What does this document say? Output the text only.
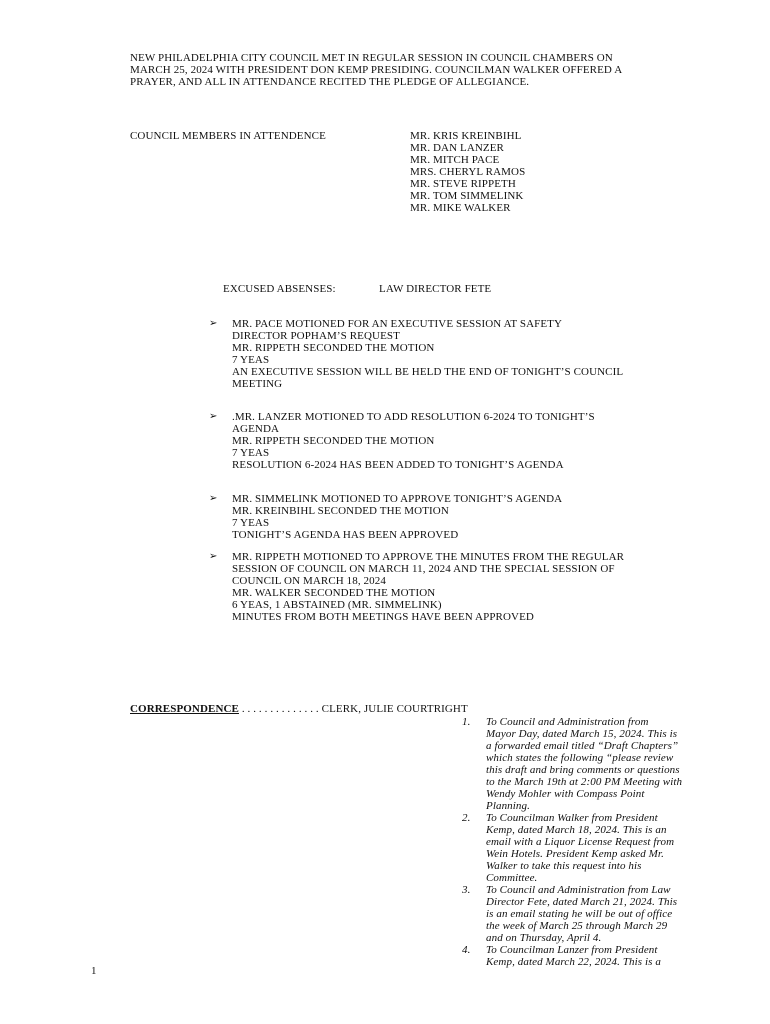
NEW PHILADELPHIA CITY COUNCIL MET IN REGULAR SESSION IN COUNCIL CHAMBERS ON
MARCH 25, 2024 WITH PRESIDENT DON KEMP PRESIDING. COUNCILMAN WALKER OFFERED A
PRAYER, AND ALL IN ATTENDANCE RECITED THE PLEDGE OF ALLEGIANCE.
COUNCIL MEMBERS IN ATTENDENCE	MR. KRIS KREINBIHL
MR. DAN LANZER
MR. MITCH PACE
MRS. CHERYL RAMOS
MR. STEVE RIPPETH
MR. TOM SIMMELINK
MR. MIKE WALKER
EXCUSED ABSENSES:	LAW DIRECTOR FETE
➢ MR. PACE MOTIONED FOR AN EXECUTIVE SESSION AT SAFETY
DIRECTOR POPHAM’S REQUEST
MR. RIPPETH SECONDED THE MOTION
7 YEAS
AN EXECUTIVE SESSION WILL BE HELD THE END OF TONIGHT’S COUNCIL
MEETING
➢ .MR. LANZER MOTIONED TO ADD RESOLUTION 6-2024 TO TONIGHT’S
AGENDA
MR. RIPPETH SECONDED THE MOTION
7 YEAS
RESOLUTION 6-2024 HAS BEEN ADDED TO TONIGHT’S AGENDA
➢ MR. SIMMELINK MOTIONED TO APPROVE TONIGHT’S AGENDA
MR. KREINBIHL SECONDED THE MOTION
7 YEAS
TONIGHT’S AGENDA HAS BEEN APPROVED
➢ MR. RIPPETH MOTIONED TO APPROVE THE MINUTES FROM THE REGULAR
SESSION OF COUNCIL ON MARCH 11, 2024 AND THE SPECIAL SESSION OF
COUNCIL ON MARCH 18, 2024
MR. WALKER SECONDED THE MOTION
6 YEAS, 1 ABSTAINED (MR. SIMMELINK)
MINUTES FROM BOTH MEETINGS HAVE BEEN APPROVED
CORRESPONDENCE . . . . . . . . . . . . . . CLERK, JULIE COURTRIGHT
1. To Council and Administration from
Mayor Day, dated March 15, 2024. This is
a forwarded email titled “Draft Chapters”
which states the following “please review
this draft and bring comments or questions
to the March 19th at 2:00 PM Meeting with
Wendy Mohler with Compass Point
Planning.
2. To Councilman Walker from President
Kemp, dated March 18, 2024. This is an
email with a Liquor License Request from
Wein Hotels. President Kemp asked Mr.
Walker to take this request into his
Committee.
3. To Council and Administration from Law
Director Fete, dated March 21, 2024. This
is an email stating he will be out of office
the week of March 25 through March 29
and on Thursday, April 4.
4. To Councilman Lanzer from President
Kemp, dated March 22, 2024. This is a
1
